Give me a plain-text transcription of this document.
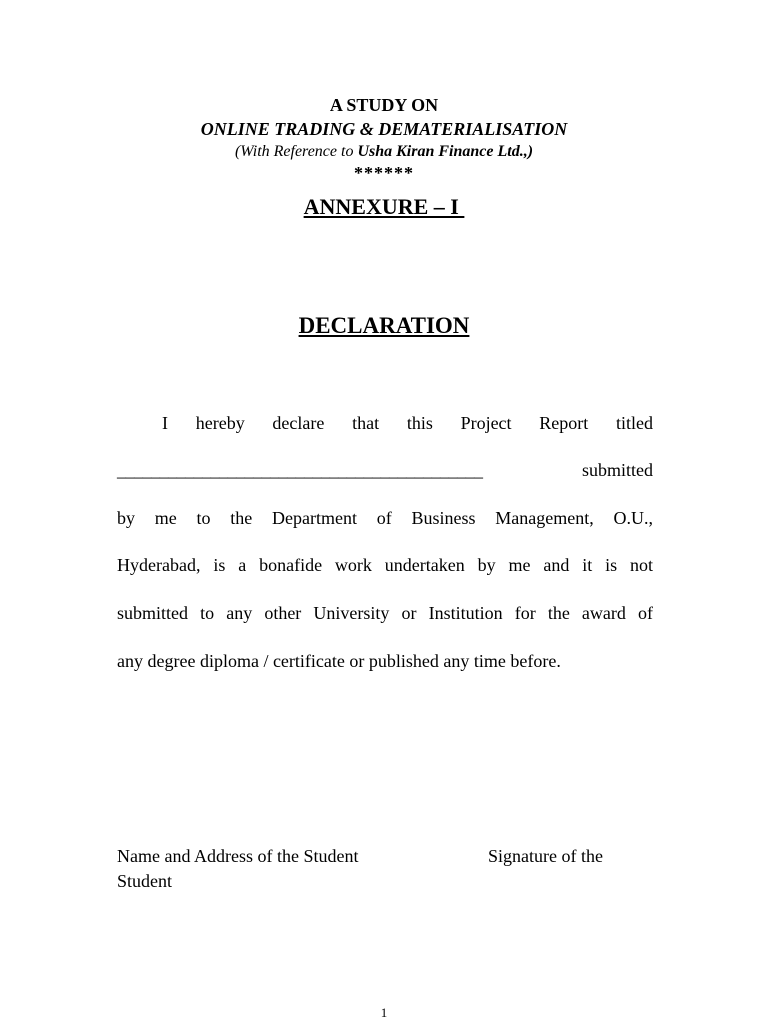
A STUDY ON
ONLINE TRADING & DEMATERIALISATION
(With Reference to Usha Kiran Finance Ltd.,)
******
ANNEXURE – I
DECLARATION
I hereby declare that this Project Report titled
___________________________________________	submitted
by me to the Department of Business Management, O.U.,
Hyderabad, is a bonafide work undertaken by me and it is not
submitted to any other University or Institution for the award of
any degree diploma / certificate or published any time before.
Name and Address of the Student
Student
Signature of the
1
